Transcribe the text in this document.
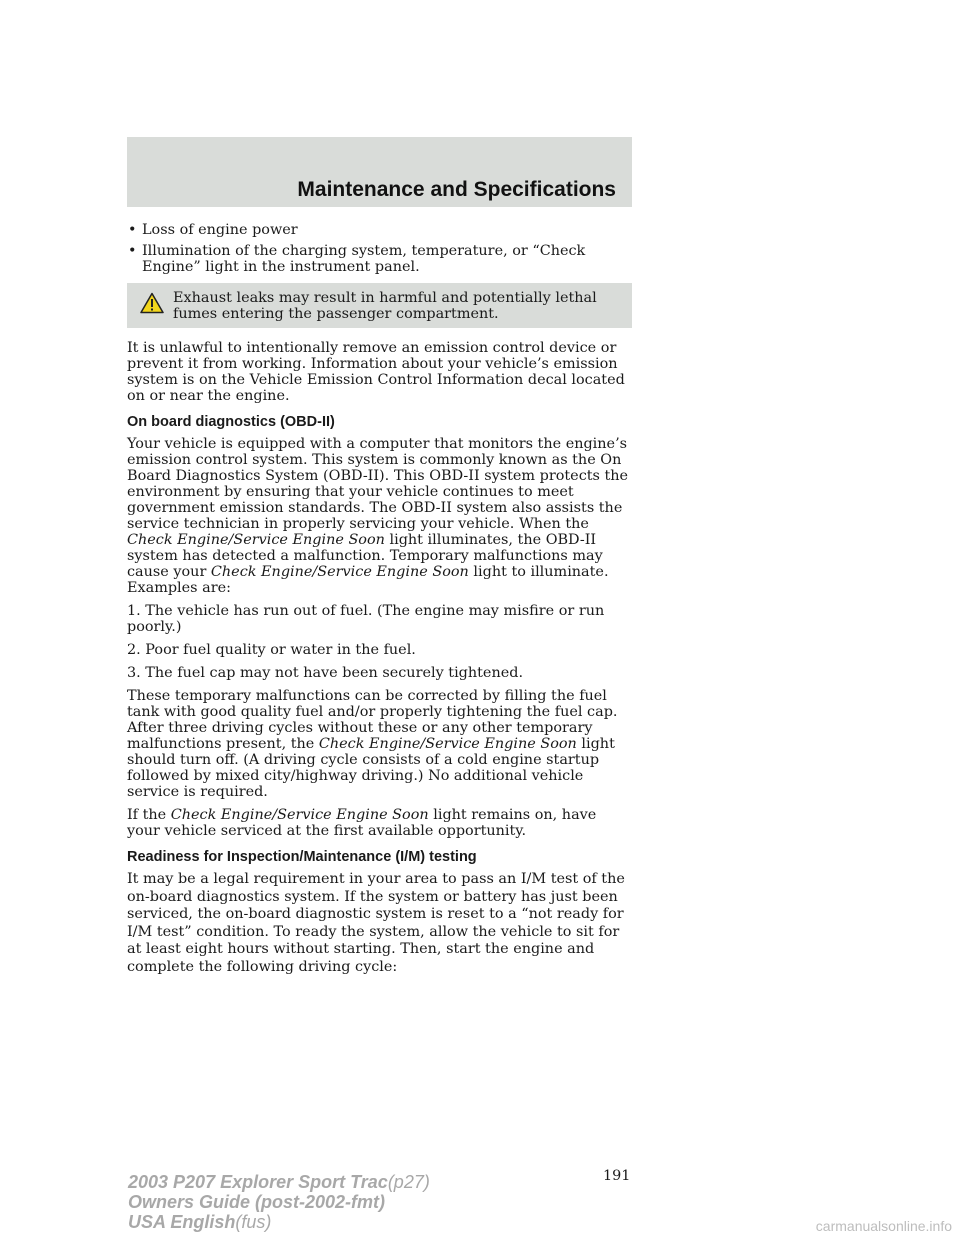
Maintenance and Specifications
• Loss of engine power
• Illumination of the charging system, temperature, or “Check Engine” light in the instrument panel.
Exhaust leaks may result in harmful and potentially lethal fumes entering the passenger compartment.

It is unlawful to intentionally remove an emission control device or prevent it from working. Information about your vehicle’s emission system is on the Vehicle Emission Control Information decal located on or near the engine.

On board diagnostics (OBD-II)

Your vehicle is equipped with a computer that monitors the engine’s emission control system. This system is commonly known as the On Board Diagnostics System (OBD-II). This OBD-II system protects the environment by ensuring that your vehicle continues to meet government emission standards. The OBD-II system also assists the service technician in properly servicing your vehicle. When the Check Engine/Service Engine Soon light illuminates, the OBD-II system has detected a malfunction. Temporary malfunctions may cause your Check Engine/Service Engine Soon light to illuminate. Examples are:

1. The vehicle has run out of fuel. (The engine may misfire or run poorly.)

2. Poor fuel quality or water in the fuel.

3. The fuel cap may not have been securely tightened.

These temporary malfunctions can be corrected by filling the fuel tank with good quality fuel and/or properly tightening the fuel cap. After three driving cycles without these or any other temporary malfunctions present, the Check Engine/Service Engine Soon light should turn off. (A driving cycle consists of a cold engine startup followed by mixed city/highway driving.) No additional vehicle service is required.

If the Check Engine/Service Engine Soon light remains on, have your vehicle serviced at the first available opportunity.

Readiness for Inspection/Maintenance (I/M) testing

It may be a legal requirement in your area to pass an I/M test of the on-board diagnostics system. If the system or battery has just been serviced, the on-board diagnostic system is reset to a “not ready for I/M test” condition. To ready the system, allow the vehicle to sit for at least eight hours without starting. Then, start the engine and complete the following driving cycle:

191
2003 P207 Explorer Sport Trac(p27)
Owners Guide (post-2002-fmt)
USA English(fus)	carmanualsonline.info
